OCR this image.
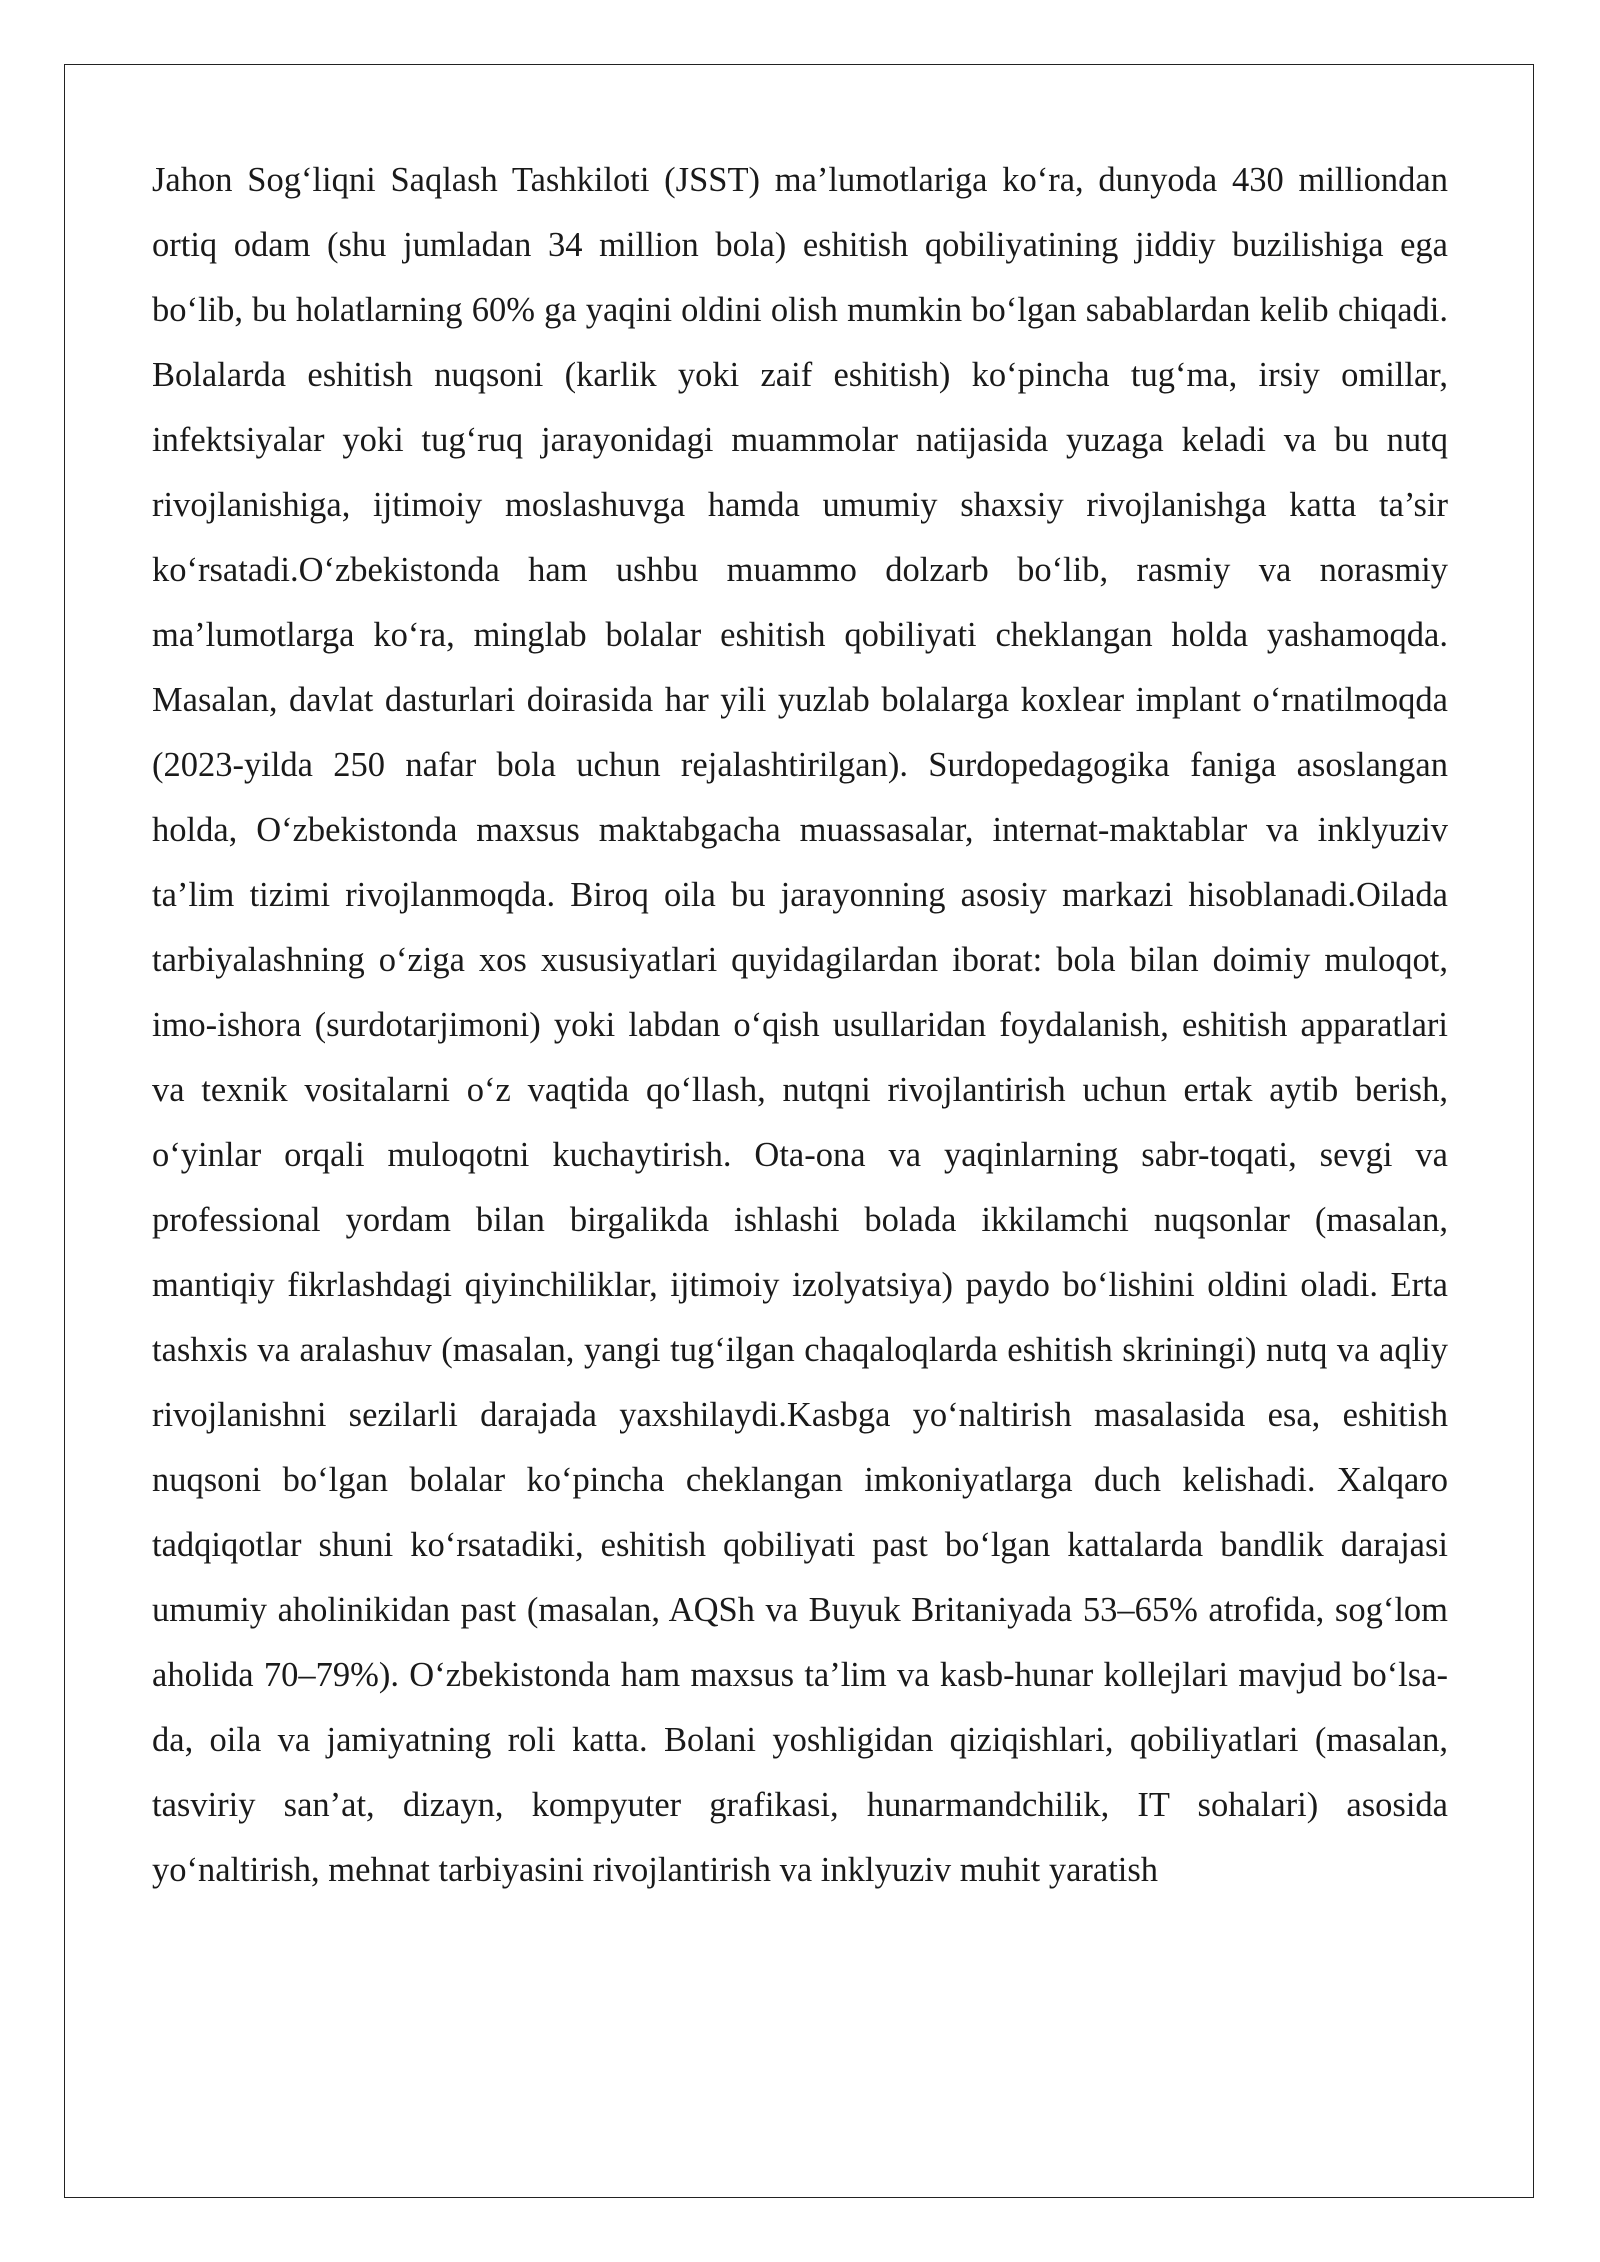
Jahon Sog‘liqni Saqlash Tashkiloti (JSST) ma’lumotlariga ko‘ra, dunyoda 430 milliondan ortiq odam (shu jumladan 34 million bola) eshitish qobiliyatining jiddiy buzilishiga ega bo‘lib, bu holatlarning 60% ga yaqini oldini olish mumkin bo‘lgan sabablardan kelib chiqadi. Bolalarda eshitish nuqsoni (karlik yoki zaif eshitish) ko‘pincha tug‘ma, irsiy omillar, infektsiyalar yoki tug‘ruq jarayonidagi muammolar natijasida yuzaga keladi va bu nutq rivojlanishiga, ijtimoiy moslashuvga hamda umumiy shaxsiy rivojlanishga katta ta’sir ko‘rsatadi.O‘zbekistonda ham ushbu muammo dolzarb bo‘lib, rasmiy va norasmiy ma’lumotlarga ko‘ra, minglab bolalar eshitish qobiliyati cheklangan holda yashamoqda. Masalan, davlat dasturlari doirasida har yili yuzlab bolalarga koxlear implant o‘rnatilmoqda (2023-yilda 250 nafar bola uchun rejalashtirilgan). Surdopedagogika faniga asoslangan holda, O‘zbekistonda maxsus maktabgacha muassasalar, internat-maktablar va inklyuziv ta’lim tizimi rivojlanmoqda. Biroq oila bu jarayonning asosiy markazi hisoblanadi.Oilada tarbiyalashning o‘ziga xos xususiyatlari quyidagilardan iborat: bola bilan doimiy muloqot, imo-ishora (surdotarjimoni) yoki labdan o‘qish usullaridan foydalanish, eshitish apparatlari va texnik vositalarni o‘z vaqtida qo‘llash, nutqni rivojlantirish uchun ertak aytib berish, o‘yinlar orqali muloqotni kuchaytirish. Ota-ona va yaqinlarning sabr-toqati, sevgi va professional yordam bilan birgalikda ishlashi bolada ikkilamchi nuqsonlar (masalan, mantiqiy fikrlashdagi qiyinchiliklar, ijtimoiy izolyatsiya) paydo bo‘lishini oldini oladi. Erta tashxis va aralashuv (masalan, yangi tug‘ilgan chaqaloqlarda eshitish skriningi) nutq va aqliy rivojlanishni sezilarli darajada yaxshilaydi.Kasbga yo‘naltirish masalasida esa, eshitish nuqsoni bo‘lgan bolalar ko‘pincha cheklangan imkoniyatlarga duch kelishadi. Xalqaro tadqiqotlar shuni ko‘rsatadiki, eshitish qobiliyati past bo‘lgan kattalarda bandlik darajasi umumiy aholinikidan past (masalan, AQSh va Buyuk Britaniyada 53–65% atrofida, sog‘lom aholida 70–79%). O‘zbekistonda ham maxsus ta’lim va kasb-hunar kollejlari mavjud bo‘lsa-da, oila va jamiyatning roli katta. Bolani yoshligidan qiziqishlari, qobiliyatlari (masalan, tasviriy san’at, dizayn, kompyuter grafikasi, hunarmandchilik, IT sohalari) asosida yo‘naltirish, mehnat tarbiyasini rivojlantirish va inklyuziv muhit yaratish
